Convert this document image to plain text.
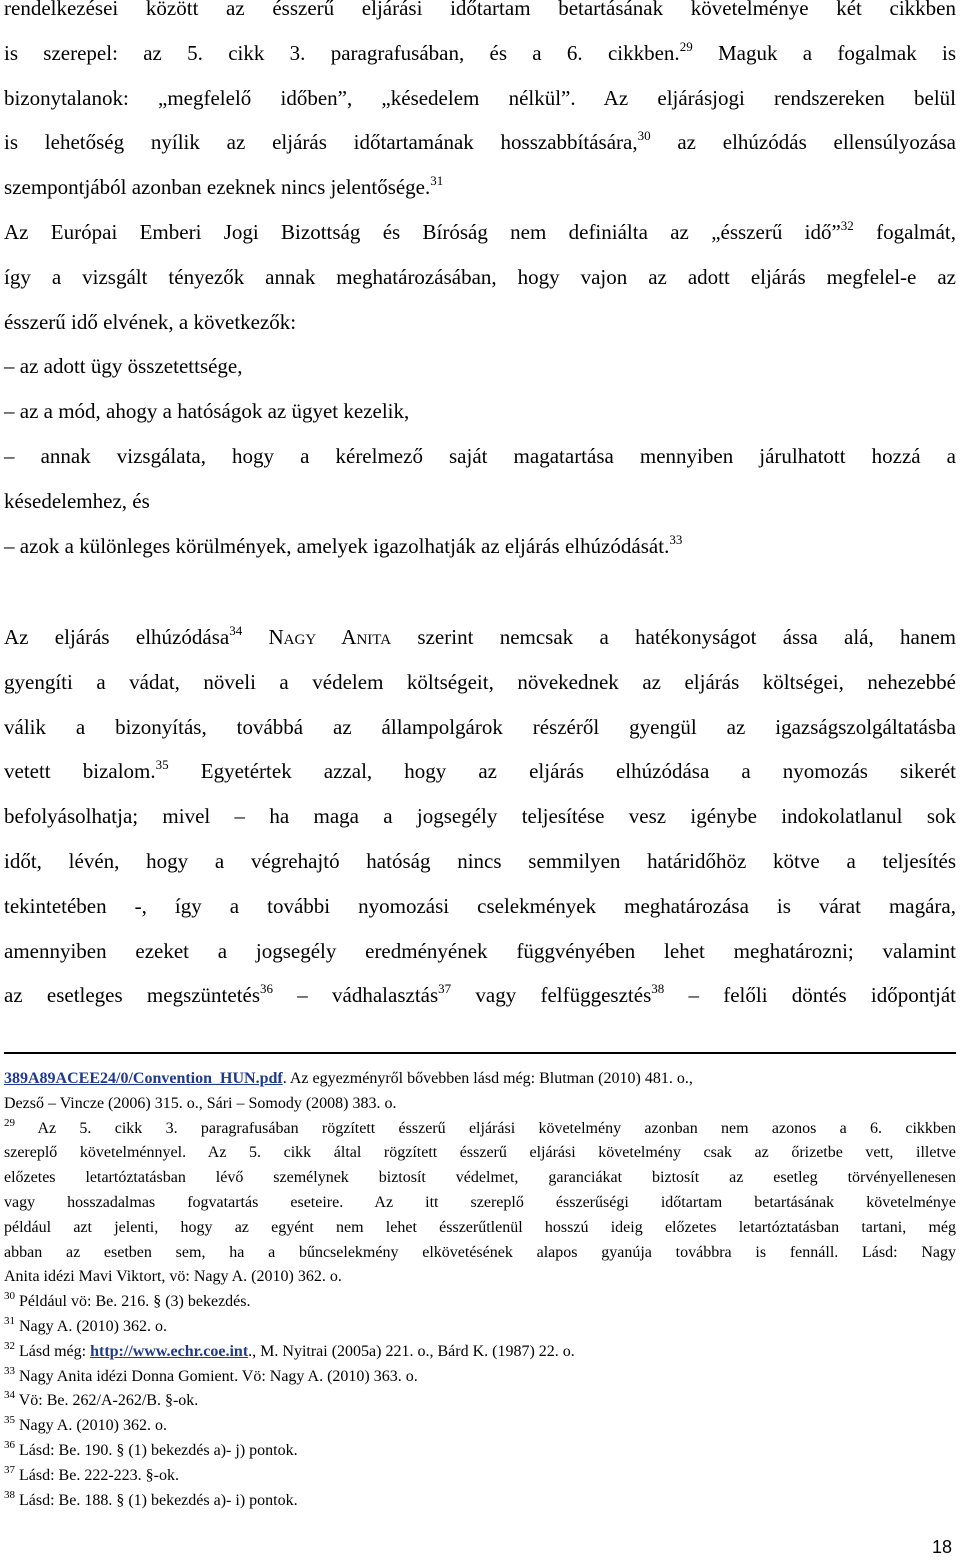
rendelkezései között az ésszerű eljárási időtartam betartásának követelménye két cikkben
is szerepel: az 5. cikk 3. paragrafusában, és a 6. cikkben.$^{29}$ Maguk a fogalmak is
bizonytalanok: „megfelelő időben”, „késedelem nélkül”. Az eljárásjogi rendszereken belül
is lehetőség nyílik az eljárás időtartamának hosszabbítására,$^{30}$ az elhúzódás ellensúlyozása
szempontjából azonban ezeknek nincs jelentősége.$^{31}$

Az Európai Emberi Jogi Bizottság és Bíróság nem definiálta az „ésszerű idő”$^{32}$ fogalmát,
így a vizsgált tényezők annak meghatározásában, hogy vajon az adott eljárás megfelel-e az
ésszerű idő elvének, a következők:

– az adott ügy összetettsége,
– az a mód, ahogy a hatóságok az ügyet kezelik,
– annak vizsgálata, hogy a kérelmező saját magatartása mennyiben járulhatott hozzá a
késedelemhez, és
– azok a különleges körülmények, amelyek igazolhatják az eljárás elhúzódását.$^{33}$

Az eljárás elhúzódása$^{34}$ Nagy Anita szerint nemcsak a hatékonyságot ássa alá, hanem
gyengíti a vádat, növeli a védelem költségeit, növekednek az eljárás költségei, nehezebbé
válik a bizonyítás, továbbá az állampolgárok részéről gyengül az igazságszolgáltatásba
vetett bizalom.$^{35}$ Egyetértek azzal, hogy az eljárás elhúzódása a nyomozás sikerét
befolyásolhatja; mivel – ha maga a jogsegély teljesítése vesz igénybe indokolatlanul sok
időt, lévén, hogy a végrehajtó hatóság nincs semmilyen határidőhöz kötve a teljesítés
tekintetében -, így a további nyomozási cselekmények meghatározása is várat magára,
amennyiben ezeket a jogsegély eredményének függvényében lehet meghatározni; valamint
az esetleges megszüntetés$^{36}$ – vádhalasztás$^{37}$ vagy felfüggesztés$^{38}$ – felőli döntés időpontját

389A89ACEE24/0/Convention_HUN.pdf. Az egyezményről bővebben lásd még: Blutman (2010) 481. o.,
Dezső – Vincze (2006) 315. o., Sári – Somody (2008) 383. o.
$^{29}$ Az 5. cikk 3. paragrafusában rögzített ésszerű eljárási követelmény azonban nem azonos a 6. cikkben
szereplő követelménnyel. Az 5. cikk által rögzített ésszerű eljárási követelmény csak az őrizetbe vett, illetve
előzetes letartóztatásban lévő személynek biztosít védelmet, garanciákat biztosít az esetleg törvényellenesen
vagy hosszadalmas fogvatartás eseteire. Az itt szereplő ésszerűségi időtartam betartásának követelménye
például azt jelenti, hogy az egyént nem lehet ésszerűtlenül hosszú ideig előzetes letartóztatásban tartani, még
abban az esetben sem, ha a bűncselekmény elkövetésének alapos gyanúja továbbra is fennáll. Lásd: Nagy
Anita idézi Mavi Viktort, vö: Nagy A. (2010) 362. o.
$^{30}$ Például vö: Be. 216. § (3) bekezdés.
$^{31}$ Nagy A. (2010) 362. o.
$^{32}$ Lásd még: http://www.echr.coe.int., M. Nyitrai (2005a) 221. o., Bárd K. (1987) 22. o.
$^{33}$ Nagy Anita idézi Donna Gomient. Vö: Nagy A. (2010) 363. o.
$^{34}$ Vö: Be. 262/A-262/B. §-ok.
$^{35}$ Nagy A. (2010) 362. o.
$^{36}$ Lásd: Be. 190. § (1) bekezdés a)- j) pontok.
$^{37}$ Lásd: Be. 222-223. §-ok.
$^{38}$ Lásd: Be. 188. § (1) bekezdés a)- i) pontok.
18
